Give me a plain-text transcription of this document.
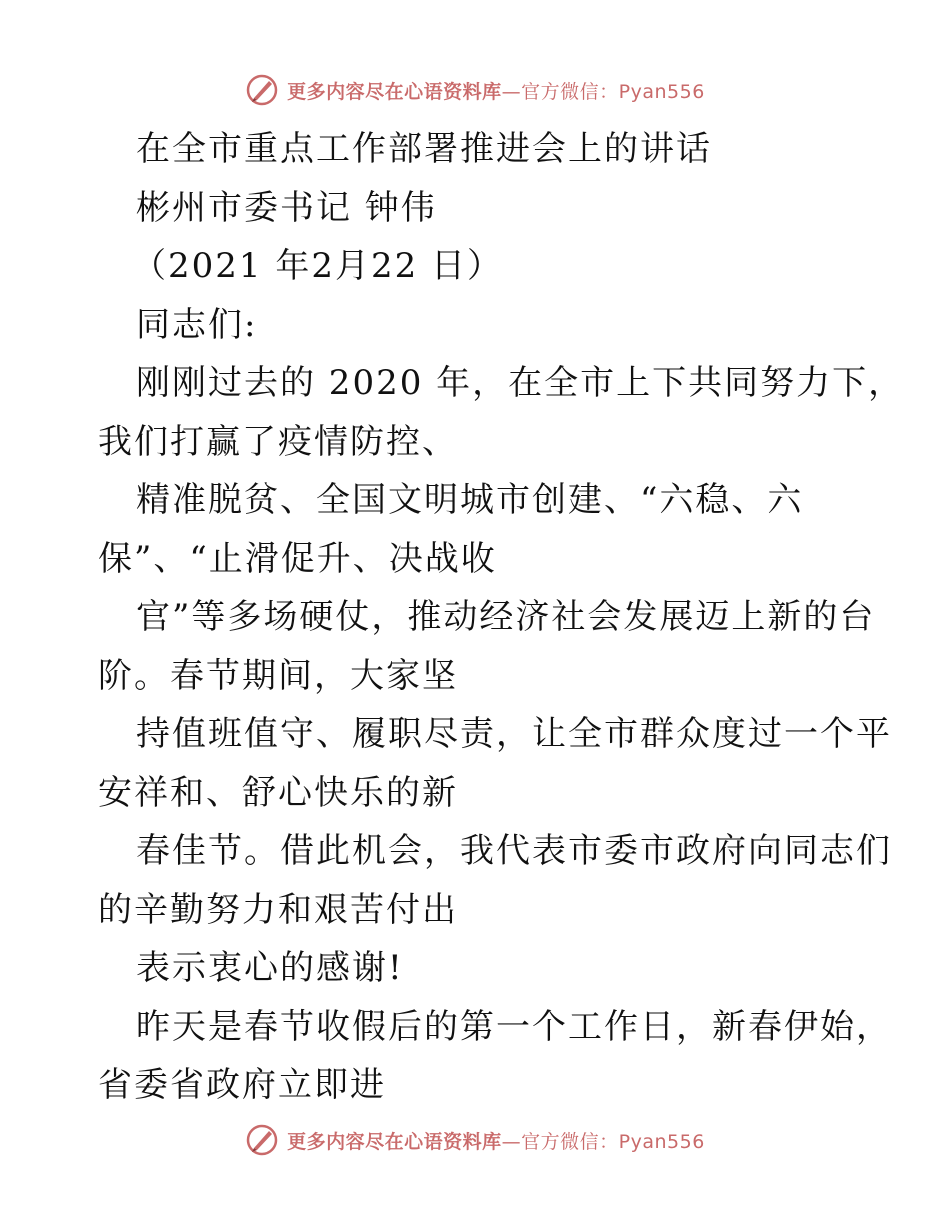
更多内容尽在心语资料库—官方微信：Pyan556
在全市重点工作部署推进会上的讲话
彬州市委书记 钟伟
（2021 年2月22 日）
同志们:
刚刚过去的 2020 年，在全市上下共同努力下，
我们打赢了疫情防控、
精准脱贫、全国文明城市创建、“六稳、六
保”、“止滑促升、决战收
官”等多场硬仗，推动经济社会发展迈上新的台
阶。春节期间，大家坚
持值班值守、履职尽责，让全市群众度过一个平
安祥和、舒心快乐的新
春佳节。借此机会，我代表市委市政府向同志们
的辛勤努力和艰苦付出
表示衷心的感谢!
昨天是春节收假后的第一个工作日，新春伊始，
省委省政府立即进
更多内容尽在心语资料库—官方微信：Pyan556
